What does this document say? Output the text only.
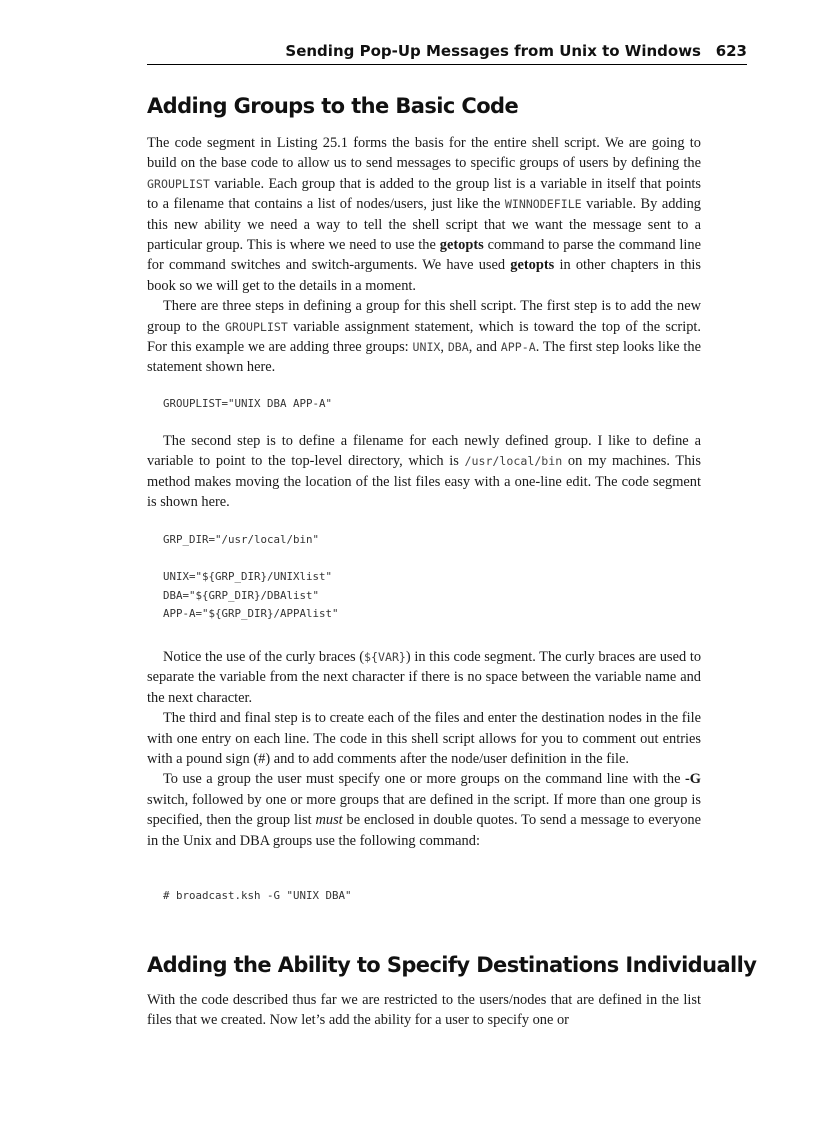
Sending Pop-Up Messages from Unix to Windows 623
Adding Groups to the Basic Code

The code segment in Listing 25.1 forms the basis for the entire shell script. We are going to build on the base code to allow us to send messages to specific groups of users by defining the GROUPLIST variable. Each group that is added to the group list is a variable in itself that points to a filename that contains a list of nodes/users, just like the WINNODEFILE variable. By adding this new ability we need a way to tell the shell script that we want the message sent to a particular group. This is where we need to use the getopts command to parse the command line for command switches and switch-arguments. We have used getopts in other chapters in this book so we will get to the details in a moment.

There are three steps in defining a group for this shell script. The first step is to add the new group to the GROUPLIST variable assignment statement, which is toward the top of the script. For this example we are adding three groups: UNIX, DBA, and APP-A. The first step looks like the statement shown here.

GROUPLIST="UNIX DBA APP-A"

The second step is to define a filename for each newly defined group. I like to define a variable to point to the top-level directory, which is /usr/local/bin on my machines. This method makes moving the location of the list files easy with a one-line edit. The code segment is shown here.

GRP_DIR="/usr/local/bin"

UNIX="${GRP_DIR}/UNIXlist"
DBA="${GRP_DIR}/DBAlist"
APP-A="${GRP_DIR}/APPAlist"

Notice the use of the curly braces (${VAR}) in this code segment. The curly braces are used to separate the variable from the next character if there is no space between the variable name and the next character.

The third and final step is to create each of the files and enter the destination nodes in the file with one entry on each line. The code in this shell script allows for you to comment out entries with a pound sign (#) and to add comments after the node/user definition in the file.

To use a group the user must specify one or more groups on the command line with the -G switch, followed by one or more groups that are defined in the script. If more than one group is specified, then the group list must be enclosed in double quotes. To send a message to everyone in the Unix and DBA groups use the following command:

# broadcast.ksh -G "UNIX DBA"
Adding the Ability to Specify Destinations Individually

With the code described thus far we are restricted to the users/nodes that are defined in the list files that we created. Now let’s add the ability for a user to specify one or
